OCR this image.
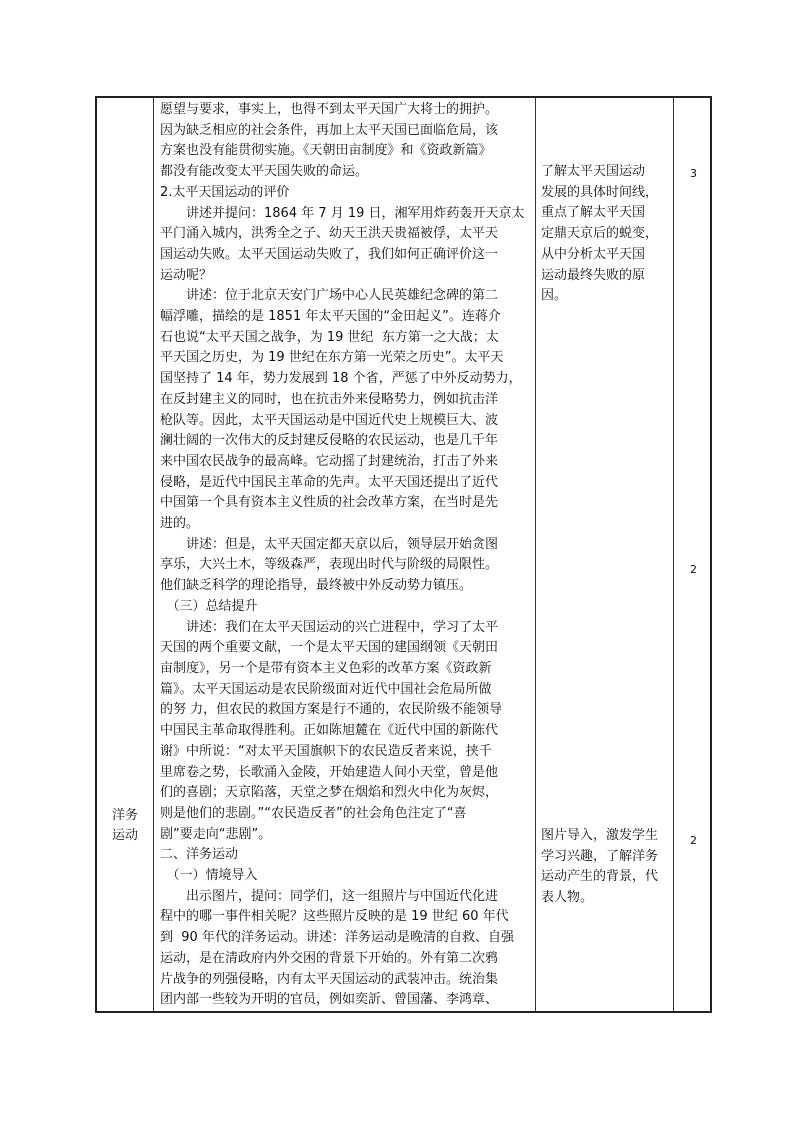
洋务
运动
愿望与要求，事实上，也得不到太平天国广大将士的拥护。
因为缺乏相应的社会条件，再加上太平天国已面临危局，该
方案也没有能贯彻实施。《天朝田亩制度》和《资政新篇》
都没有能改变太平天国失败的命运。
2.太平天国运动的评价
　　讲述并提问：1864 年 7 月 19 日，湘军用炸药轰开天京太
平门涌入城内，洪秀全之子、幼天王洪天贵福被俘，太平天
国运动失败。太平天国运动失败了，我们如何正确评价这一
运动呢？
　　讲述：位于北京天安门广场中心人民英雄纪念碑的第二
幅浮雕，描绘的是 1851 年太平天国的“金田起义”。连蒋介
石也说“太平天国之战争，为 19 世纪  东方第一之大战；太
平天国之历史，为 19 世纪在东方第一光荣之历史”。太平天
国坚持了 14 年，势力发展到 18 个省，严惩了中外反动势力，
在反封建主义的同时，也在抗击外来侵略势力，例如抗击洋
枪队等。因此，太平天国运动是中国近代史上规模巨大、波
澜壮阔的一次伟大的反封建反侵略的农民运动，也是几千年
来中国农民战争的最高峰。它动摇了封建统治，打击了外来
侵略，是近代中国民主革命的先声。太平天国还提出了近代
中国第一个具有资本主义性质的社会改革方案，在当时是先
进的。
　　讲述：但是，太平天国定都天京以后，领导层开始贪图
享乐，大兴土木，等级森严，表现出时代与阶级的局限性。
他们缺乏科学的理论指导，最终被中外反动势力镇压。
　（三）总结提升
　　讲述：我们在太平天国运动的兴亡进程中，学习了太平
天国的两个重要文献，一个是太平天国的建国纲领《天朝田
亩制度》，另一个是带有资本主义色彩的改革方案《资政新
篇》。太平天国运动是农民阶级面对近代中国社会危局所做
的努 力，但农民的救国方案是行不通的，农民阶级不能领导
中国民主革命取得胜利。正如陈旭麓在《近代中国的新陈代
谢》中所说：“对太平天国旗帜下的农民造反者来说，挟千
里席卷之势，长歌涌入金陵，开始建造人间小天堂，曾是他
们的喜剧；天京陷落，天堂之梦在烟焰和烈火中化为灰烬，
则是他们的悲剧。”“农民造反者”的社会角色注定了“喜
剧”要走向“悲剧”。
二、洋务运动
　（一）情境导入
　　出示图片，提问：同学们，这一组照片与中国近代化进
程中的哪一事件相关呢？这些照片反映的是 19 世纪 60 年代
到  90 年代的洋务运动。讲述：洋务运动是晚清的自救、自强
运动，是在清政府内外交困的背景下开始的。外有第二次鸦
片战争的列强侵略，内有太平天国运动的武装冲击。统治集
团内部一些较为开明的官员，例如奕訢、曾国藩、李鸿章、
了解太平天国运动
发展的具体时间线，
重点了解太平天国
定鼎天京后的蜕变，
从中分析太平天国
运动最终失败的原
因。
图片导入，激发学生
学习兴趣，了解洋务
运动产生的背景，代
表人物。
3
2
2
